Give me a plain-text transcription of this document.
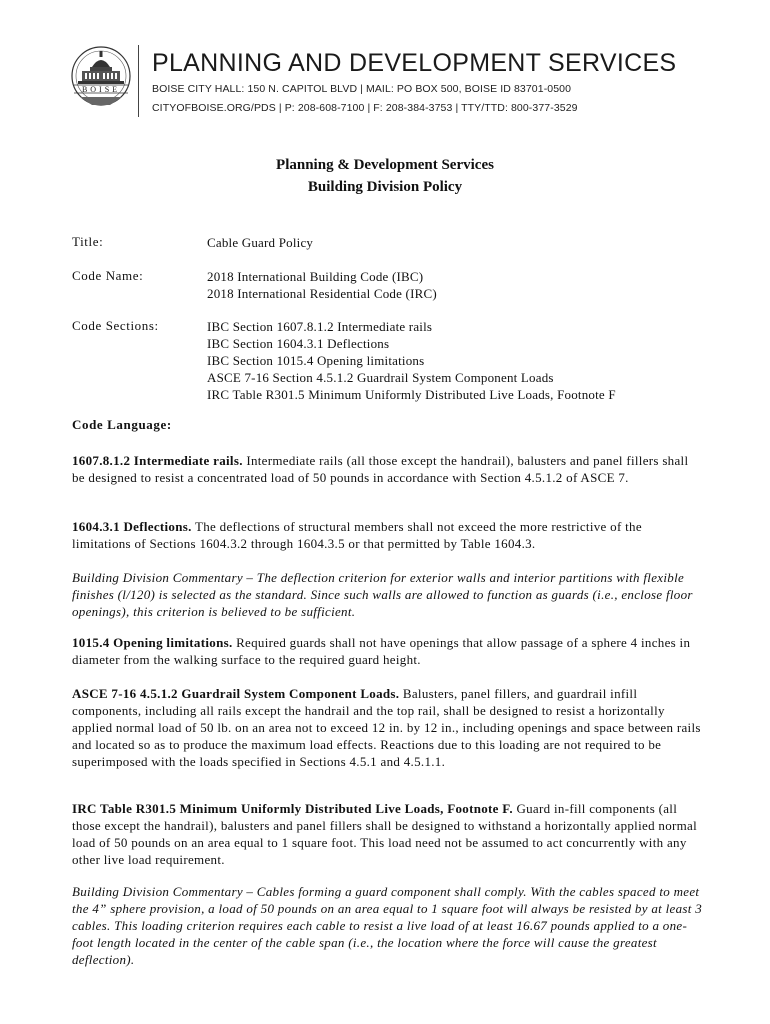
BOISE
PLANNING AND DEVELOPMENT SERVICES
BOISE CITY HALL: 150 N. CAPITOL BLVD | MAIL: PO BOX 500, BOISE ID 83701-0500
CITYOFBOISE.ORG/PDS | P: 208-608-7100 | F: 208-384-3753 | TTY/TTD: 800-377-3529
Planning & Development Services
Building Division Policy
Title:	Cable Guard Policy
Code Name:	2018 International Building Code (IBC)
2018 International Residential Code (IRC)
Code Sections:	IBC Section 1607.8.1.2 Intermediate rails
IBC Section 1604.3.1 Deflections
IBC Section 1015.4 Opening limitations
ASCE 7-16 Section 4.5.1.2 Guardrail System Component Loads
IRC Table R301.5 Minimum Uniformly Distributed Live Loads, Footnote F
Code Language:
1607.8.1.2 Intermediate rails. Intermediate rails (all those except the handrail), balusters and panel fillers shall be designed to resist a concentrated load of 50 pounds in accordance with Section 4.5.1.2 of ASCE 7.
1604.3.1 Deflections. The deflections of structural members shall not exceed the more restrictive of the limitations of Sections 1604.3.2 through 1604.3.5 or that permitted by Table 1604.3.
Building Division Commentary – The deflection criterion for exterior walls and interior partitions with flexible finishes (l/120) is selected as the standard. Since such walls are allowed to function as guards (i.e., enclose floor openings), this criterion is believed to be sufficient.
1015.4 Opening limitations. Required guards shall not have openings that allow passage of a sphere 4 inches in diameter from the walking surface to the required guard height.
ASCE 7-16 4.5.1.2 Guardrail System Component Loads. Balusters, panel fillers, and guardrail infill components, including all rails except the handrail and the top rail, shall be designed to resist a horizontally applied normal load of 50 lb. on an area not to exceed 12 in. by 12 in., including openings and space between rails and located so as to produce the maximum load effects. Reactions due to this loading are not required to be superimposed with the loads specified in Sections 4.5.1 and 4.5.1.1.
IRC Table R301.5 Minimum Uniformly Distributed Live Loads, Footnote F. Guard in-fill components (all those except the handrail), balusters and panel fillers shall be designed to withstand a horizontally applied normal load of 50 pounds on an area equal to 1 square foot. This load need not be assumed to act concurrently with any other live load requirement.
Building Division Commentary – Cables forming a guard component shall comply. With the cables spaced to meet the 4” sphere provision, a load of 50 pounds on an area equal to 1 square foot will always be resisted by at least 3 cables. This loading criterion requires each cable to resist a live load of at least 16.67 pounds applied to a one-foot length located in the center of the cable span (i.e., the location where the force will cause the greatest deflection).
